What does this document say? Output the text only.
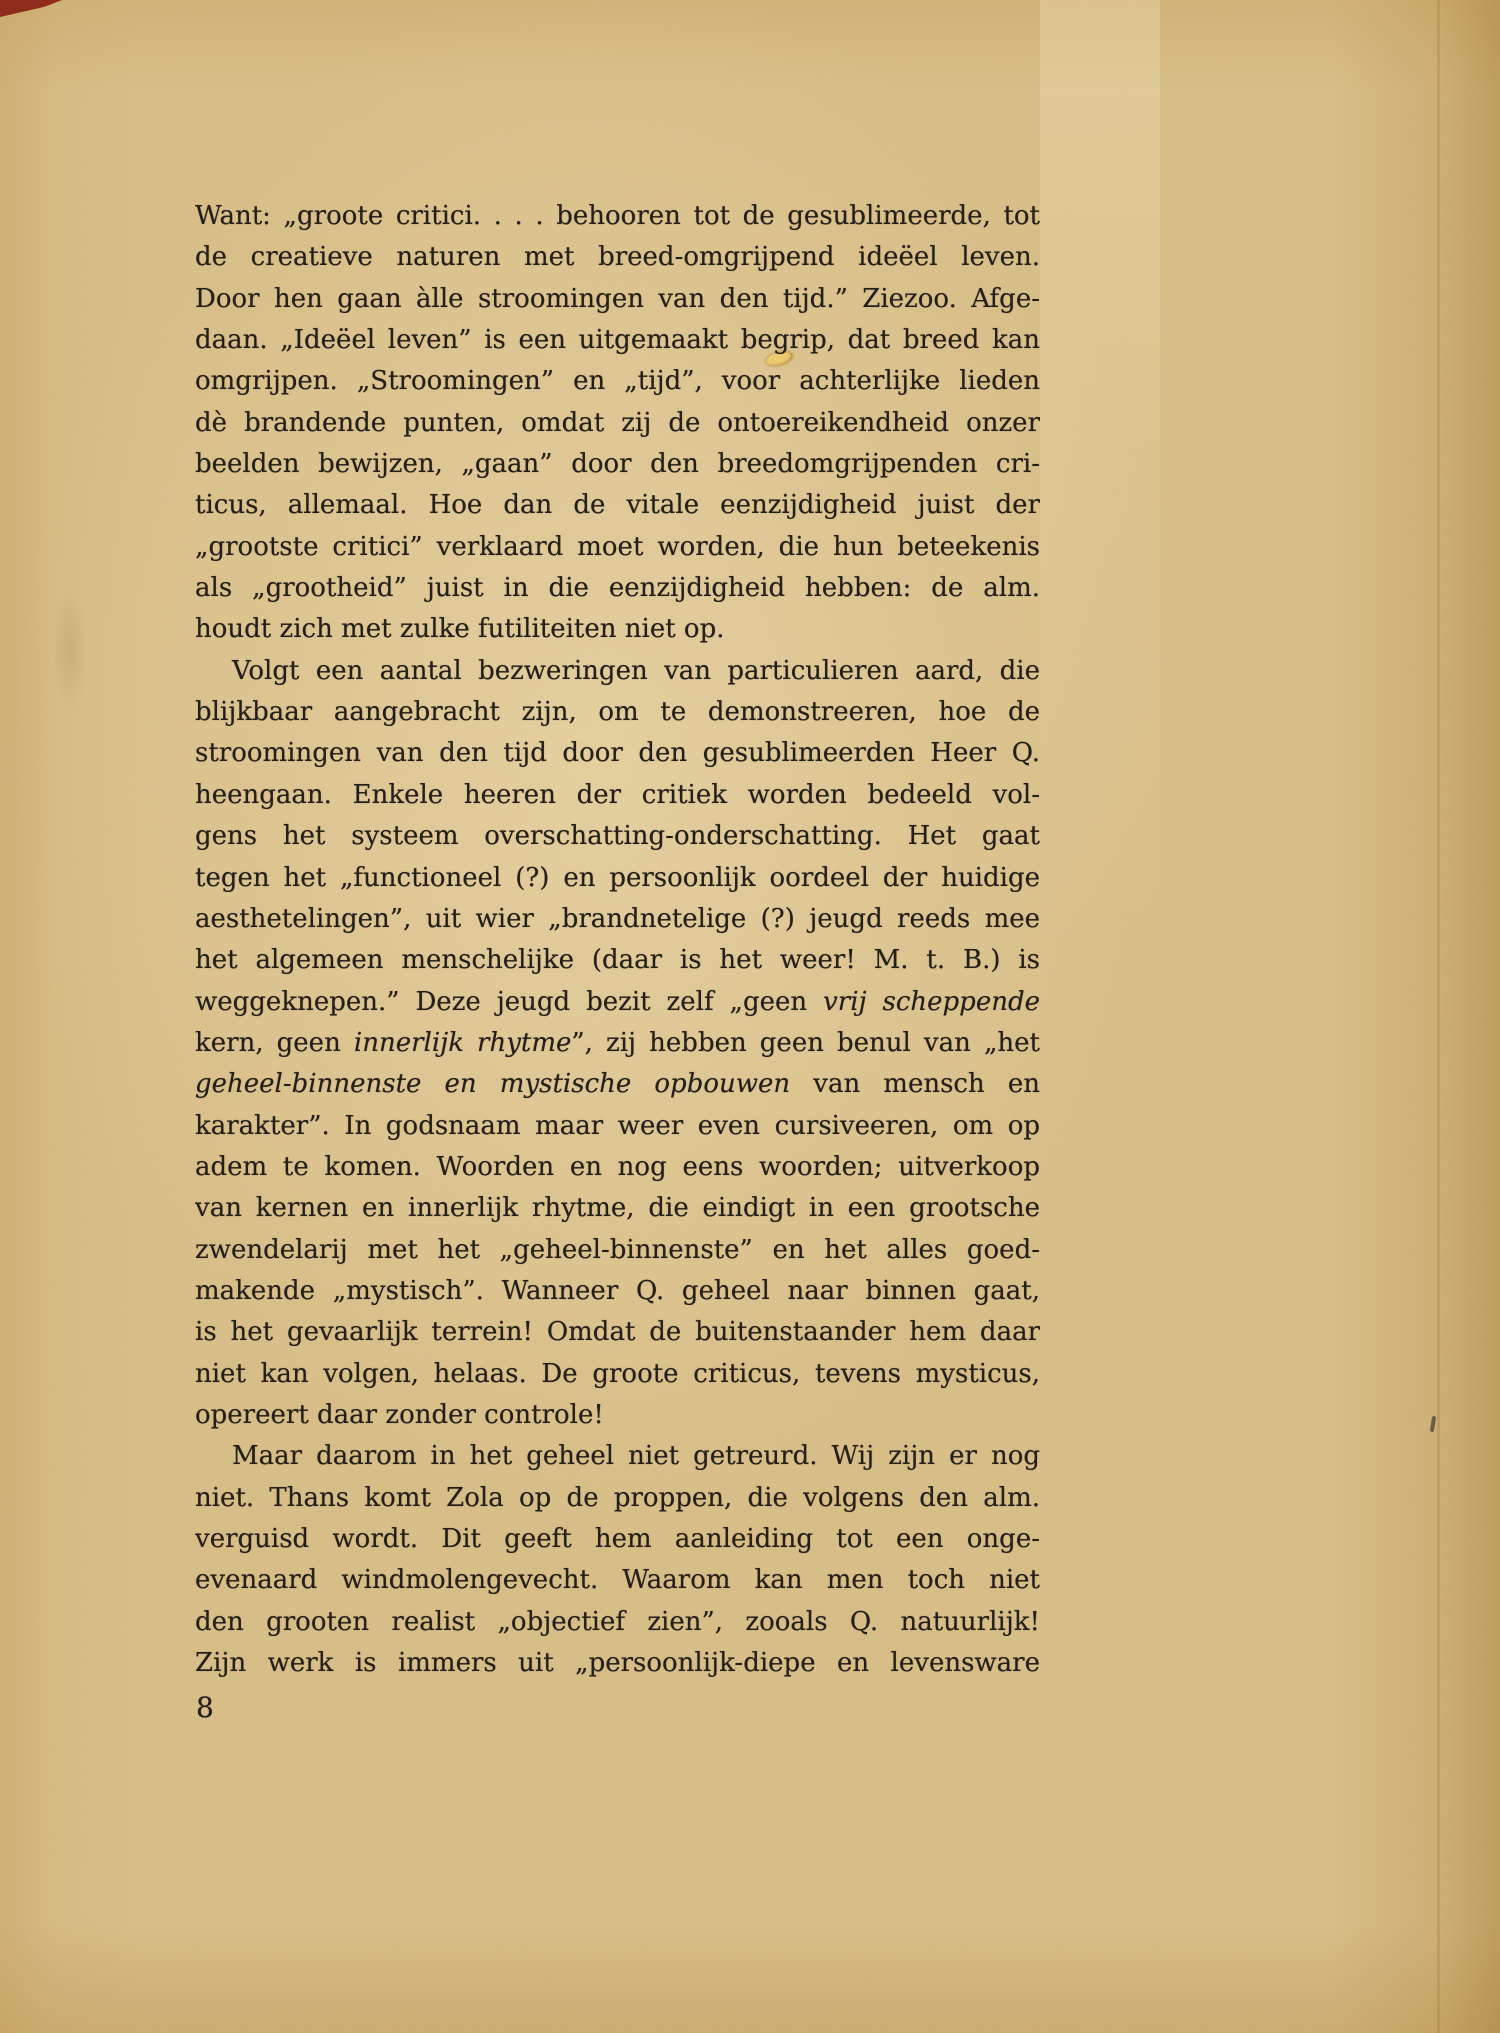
Want: „groote critici. . . . behooren tot de gesublimeerde, tot
de creatieve naturen met breed-omgrijpend ideëel leven.
Door hen gaan àlle stroomingen van den tijd.” Ziezoo. Afge-
daan. „Ideëel leven” is een uitgemaakt begrip, dat breed kan
omgrijpen. „Stroomingen” en „tijd”, voor achterlijke lieden
dè brandende punten, omdat zij de ontoereikendheid onzer
beelden bewijzen, „gaan” door den breedomgrijpenden cri-
ticus, allemaal. Hoe dan de vitale eenzijdigheid juist der
„grootste critici” verklaard moet worden, die hun beteekenis
als „grootheid” juist in die eenzijdigheid hebben: de alm.
houdt zich met zulke futiliteiten niet op.
Volgt een aantal bezweringen van particulieren aard, die
blijkbaar aangebracht zijn, om te demonstreeren, hoe de
stroomingen van den tijd door den gesublimeerden Heer Q.
heengaan. Enkele heeren der critiek worden bedeeld vol-
gens het systeem overschatting-onderschatting. Het gaat
tegen het „functioneel (?) en persoonlijk oordeel der huidige
aesthetelingen”, uit wier „brandnetelige (?) jeugd reeds mee
het algemeen menschelijke (daar is het weer! M. t. B.) is
weggeknepen.” Deze jeugd bezit zelf „geen vrij scheppende
kern, geen innerlijk rhytme”, zij hebben geen benul van „het
geheel-binnenste en mystische opbouwen van mensch en
karakter”. In godsnaam maar weer even cursiveeren, om op
adem te komen. Woorden en nog eens woorden; uitverkoop
van kernen en innerlijk rhytme, die eindigt in een grootsche
zwendelarij met het „geheel-binnenste” en het alles goed-
makende „mystisch”. Wanneer Q. geheel naar binnen gaat,
is het gevaarlijk terrein! Omdat de buitenstaander hem daar
niet kan volgen, helaas. De groote criticus, tevens mysticus,
opereert daar zonder controle!
Maar daarom in het geheel niet getreurd. Wij zijn er nog
niet. Thans komt Zola op de proppen, die volgens den alm.
verguisd wordt. Dit geeft hem aanleiding tot een onge-
evenaard windmolengevecht. Waarom kan men toch niet
den grooten realist „objectief zien”, zooals Q. natuurlijk!
Zijn werk is immers uit „persoonlijk-diepe en levensware
8
